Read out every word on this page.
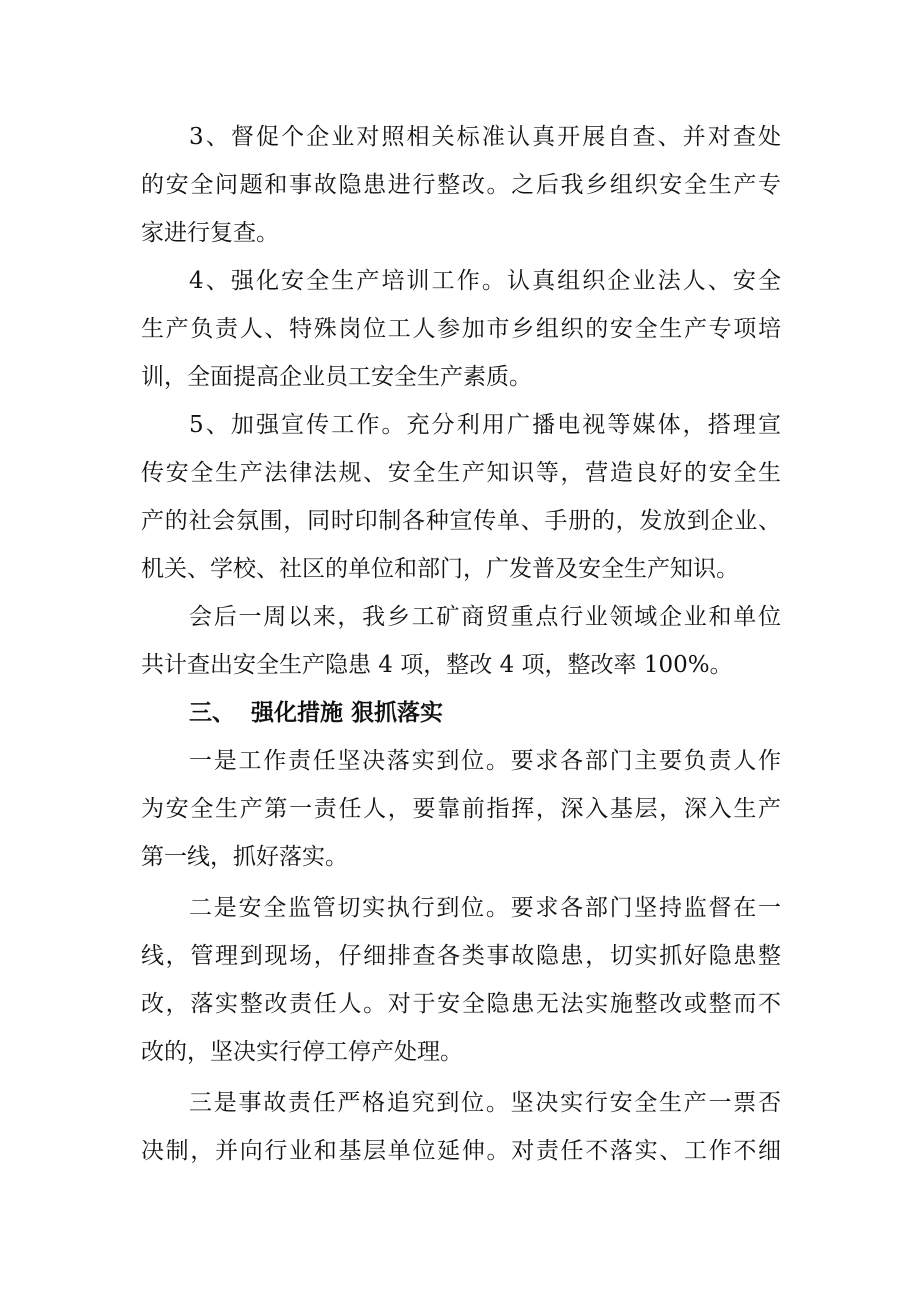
3、督促个企业对照相关标准认真开展自查、并对查处
的安全问题和事故隐患进行整改。之后我乡组织安全生产专
家进行复查。
4、强化安全生产培训工作。认真组织企业法人、安全
生产负责人、特殊岗位工人参加市乡组织的安全生产专项培
训，全面提高企业员工安全生产素质。
5、加强宣传工作。充分利用广播电视等媒体，搭理宣
传安全生产法律法规、安全生产知识等，营造良好的安全生
产的社会氛围，同时印制各种宣传单、手册的，发放到企业、
机关、学校、社区的单位和部门，广发普及安全生产知识。
会后一周以来，我乡工矿商贸重点行业领域企业和单位
共计查出安全生产隐患 4 项，整改 4 项，整改率 100%。
三、  强化措施 狠抓落实
一是工作责任坚决落实到位。要求各部门主要负责人作
为安全生产第一责任人，要靠前指挥，深入基层，深入生产
第一线，抓好落实。
二是安全监管切实执行到位。要求各部门坚持监督在一
线，管理到现场，仔细排查各类事故隐患，切实抓好隐患整
改，落实整改责任人。对于安全隐患无法实施整改或整而不
改的，坚决实行停工停产处理。
三是事故责任严格追究到位。坚决实行安全生产一票否
决制，并向行业和基层单位延伸。对责任不落实、工作不细
